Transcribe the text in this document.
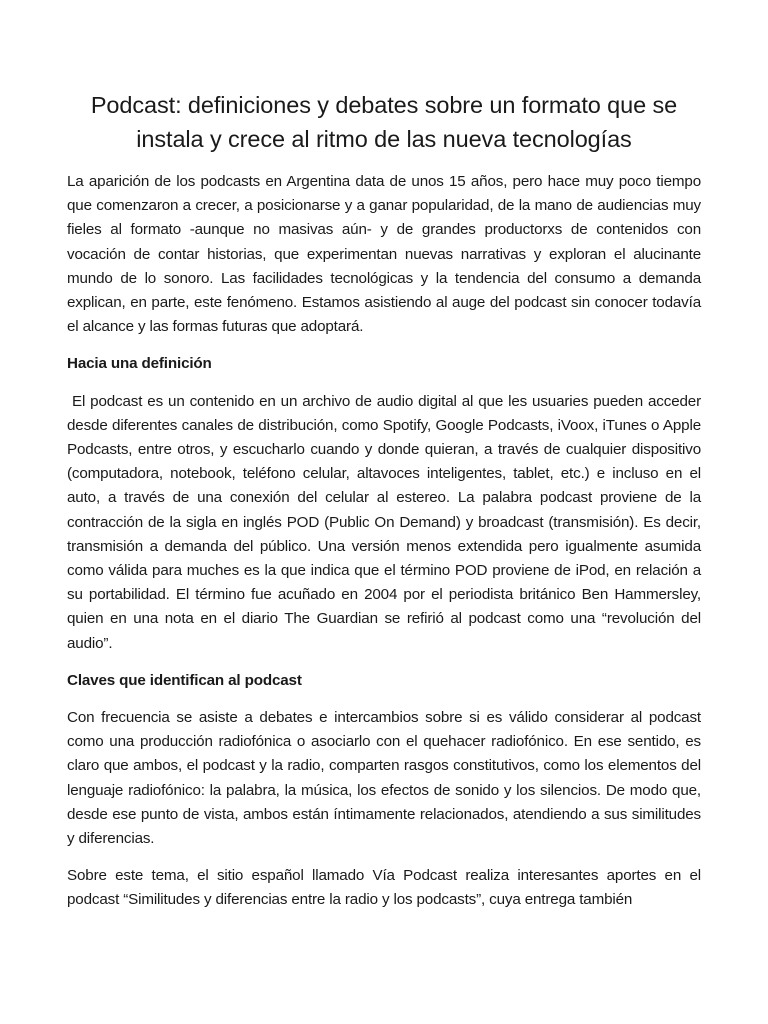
Podcast: definiciones y debates sobre un formato que se instala y crece al ritmo de las nueva tecnologías

La aparición de los podcasts en Argentina data de unos 15 años, pero hace muy poco tiempo que comenzaron a crecer, a posicionarse y a ganar popularidad, de la mano de audiencias muy fieles al formato -aunque no masivas aún- y de grandes productorxs de contenidos con vocación de contar historias, que experimentan nuevas narrativas y exploran el alucinante mundo de lo sonoro. Las facilidades tecnológicas y la tendencia del consumo a demanda explican, en parte, este fenómeno. Estamos asistiendo al auge del podcast sin conocer todavía el alcance y las formas futuras que adoptará.

Hacia una definición

El podcast es un contenido en un archivo de audio digital al que les usuaries pueden acceder desde diferentes canales de distribución, como Spotify, Google Podcasts, iVoox, iTunes o Apple Podcasts, entre otros, y escucharlo cuando y donde quieran, a través de cualquier dispositivo (computadora, notebook, teléfono celular, altavoces inteligentes, tablet, etc.) e incluso en el auto, a través de una conexión del celular al estereo. La palabra podcast proviene de la contracción de la sigla en inglés POD (Public On Demand) y broadcast (transmisión). Es decir, transmisión a demanda del público. Una versión menos extendida pero igualmente asumida como válida para muches es la que indica que el término POD proviene de iPod, en relación a su portabilidad. El término fue acuñado en 2004 por el periodista británico Ben Hammersley, quien en una nota en el diario The Guardian se refirió al podcast como una “revolución del audio”.

Claves que identifican al podcast

Con frecuencia se asiste a debates e intercambios sobre si es válido considerar al podcast como una producción radiofónica o asociarlo con el quehacer radiofónico. En ese sentido, es claro que ambos, el podcast y la radio, comparten rasgos constitutivos, como los elementos del lenguaje radiofónico: la palabra, la música, los efectos de sonido y los silencios. De modo que, desde ese punto de vista, ambos están íntimamente relacionados, atendiendo a sus similitudes y diferencias.

Sobre este tema, el sitio español llamado Vía Podcast realiza interesantes aportes en el podcast “Similitudes y diferencias entre la radio y los podcasts”, cuya entrega también
